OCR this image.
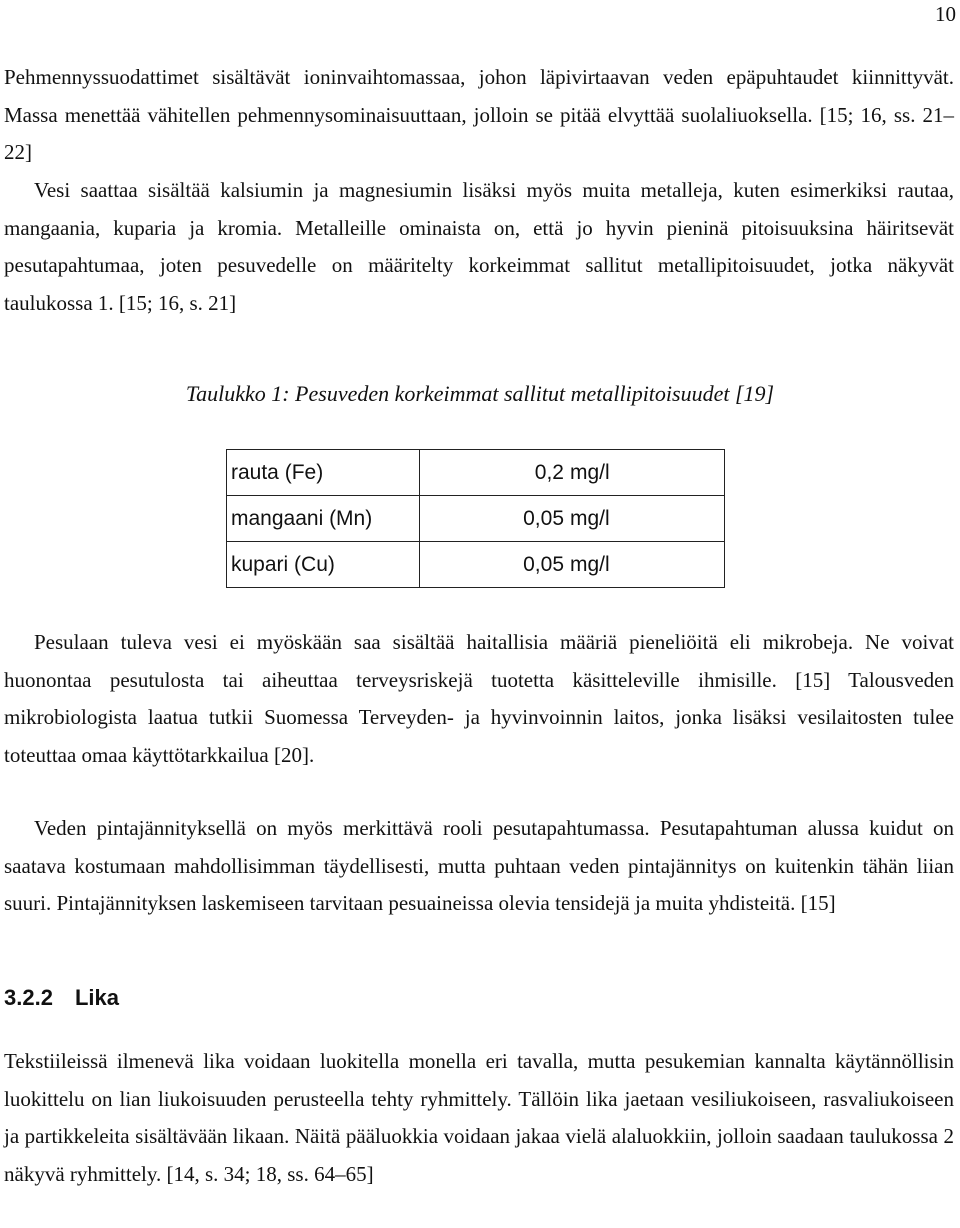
10

Pehmennyssuodattimet sisältävät ioninvaihtomassaa, johon läpivirtaavan veden epäpuhtaudet kiinnittyvät. Massa menettää vähitellen pehmennysominaisuuttaan, jolloin se pitää elvyttää suolaliuoksella. [15; 16, ss. 21–22]

Vesi saattaa sisältää kalsiumin ja magnesiumin lisäksi myös muita metalleja, kuten esimerkiksi rautaa, mangaania, kuparia ja kromia. Metalleille ominaista on, että jo hyvin pieninä pitoisuuksina häiritsevät pesutapahtumaa, joten pesuvedelle on määritelty korkeimmat sallitut metallipitoisuudet, jotka näkyvät taulukossa 1. [15; 16, s. 21]

Taulukko 1: Pesuveden korkeimmat sallitut metallipitoisuudet [19]
rauta (Fe)	0,2 mg/l
mangaani (Mn)	0,05 mg/l
kupari (Cu)	0,05 mg/l

Pesulaan tuleva vesi ei myöskään saa sisältää haitallisia määriä pieneliöitä eli mikrobeja. Ne voivat huonontaa pesutulosta tai aiheuttaa terveysriskejä tuotetta käsitteleville ihmisille. [15] Talousveden mikrobiologista laatua tutkii Suomessa Terveyden- ja hyvinvoinnin laitos, jonka lisäksi vesilaitosten tulee toteuttaa omaa käyttötarkkailua [20].

Veden pintajännityksellä on myös merkittävä rooli pesutapahtumassa. Pesutapahtuman alussa kuidut on saatava kostumaan mahdollisimman täydellisesti, mutta puhtaan veden pintajännitys on kuitenkin tähän liian suuri. Pintajännityksen laskemiseen tarvitaan pesuaineissa olevia tensidejä ja muita yhdisteitä. [15]

3.2.2 Lika

Tekstiileissä ilmenevä lika voidaan luokitella monella eri tavalla, mutta pesukemian kannalta käytännöllisin luokittelu on lian liukoisuuden perusteella tehty ryhmittely. Tällöin lika jaetaan vesiliukoiseen, rasvaliukoiseen ja partikkeleita sisältävään likaan. Näitä pääluokkia voidaan jakaa vielä alaluokkiin, jolloin saadaan taulukossa 2 näkyvä ryhmittely. [14, s. 34; 18, ss. 64–65]
